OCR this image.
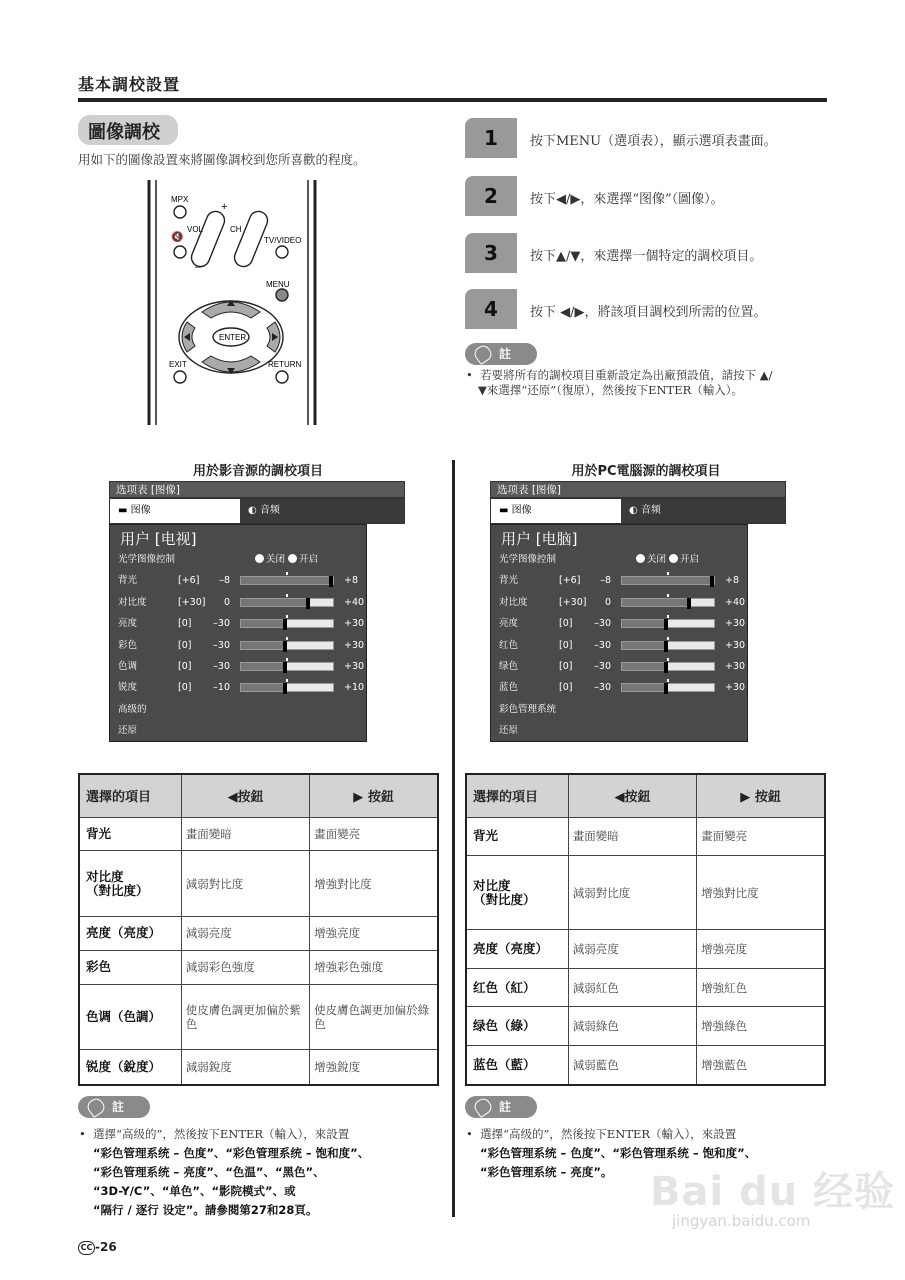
基本調校設置
圖像調校
用如下的圖像設置來將圖像調校到您所喜歡的程度。
MPX
VOL	CH
TV/VIDEO
MENU
ENTER
EXIT	RETURN
+
–
🔇
1	按下MENU（選項表），顯示選項表畫面。
2	按下◀/▶，來選擇“图像”（圖像）。
3	按下▲/▼，來選擇一個特定的調校項目。
4	按下 ◀/▶，將該項目調校到所需的位置。
註
•  若要將所有的調校項目重新設定為出廠預設值，請按下 ▲/
▼來選擇“还原”（復原），然後按下ENTER（輸入）。
用於影音源的調校項目
选项表 [图像]
▬ 图像	◐ 音频
用户 [电视]
光学图像控制	关闭 开启
背光	[+6]	–8	+8
对比度	[+30]	0	+40
亮度	[0]	–30	+30
彩色	[0]	–30	+30
色调	[0]	–30	+30
锐度	[0]	–10	+10
高级的
还原
用於PC電腦源的調校項目
选项表 [图像]
▬ 图像	◐ 音频
用户 [电脑]
光学图像控制	关闭 开启
背光	[+6]	–8	+8
对比度	[+30]	0	+40
亮度	[0]	–30	+30
红色	[0]	–30	+30
绿色	[0]	–30	+30
蓝色	[0]	–30	+30
彩色管理系统
还原
選擇的項目	◀按鈕	▶ 按鈕
背光	畫面變暗	畫面變亮
对比度
（對比度）	減弱對比度	增強對比度
亮度（亮度）	減弱亮度	增強亮度
彩色	減弱彩色強度	增強彩色強度
色调（色調）	使皮膚色調更加偏於紫色	使皮膚色調更加偏於綠色
锐度（銳度）	減弱銳度	增強銳度
選擇的項目	◀按鈕	▶ 按鈕
背光	畫面變暗	畫面變亮
对比度
（對比度）	減弱對比度	增強對比度
亮度（亮度）	減弱亮度	增強亮度
红色（紅）	減弱紅色	增強紅色
绿色（綠）	減弱綠色	增強綠色
蓝色（藍）	減弱藍色	增強藍色
註
•  選擇“高级的”，然後按下ENTER（輸入），來設置
“彩色管理系统 – 色度”、“彩色管理系统 – 饱和度”、
“彩色管理系统 – 亮度”、“色温”、“黑色”、
“3D-Y/C”、“单色”、“影院模式”、或
“隔行 / 逐行 设定”。請參閱第27和28頁。
註
•  選擇“高级的”，然後按下ENTER（輸入），來設置
“彩色管理系统 – 色度”、“彩色管理系统 – 饱和度”、
“彩色管理系统 – 亮度”。 Bai du 经验
jingyan.baidu.com
CC -26
